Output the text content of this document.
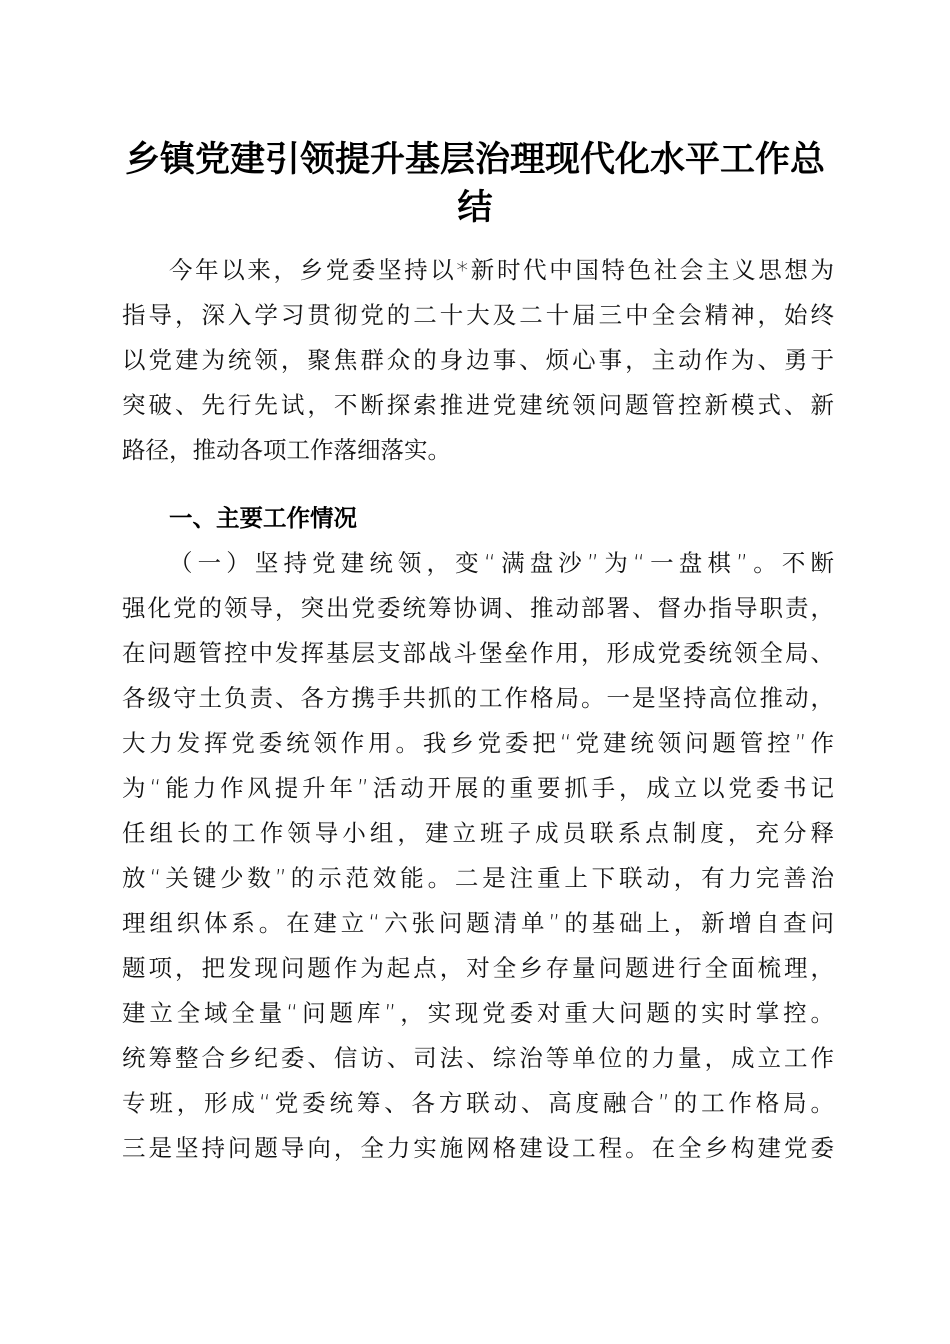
乡镇党建引领提升基层治理现代化水平工作总
结
今年以来，乡党委坚持以*新时代中国特色社会主义思想为
指导，深入学习贯彻党的二十大及二十届三中全会精神，始终
以党建为统领，聚焦群众的身边事、烦心事，主动作为、勇于
突破、先行先试，不断探索推进党建统领问题管控新模式、新
路径，推动各项工作落细落实。
一、主要工作情况
（一）坚持党建统领，变“满盘沙”为“一盘棋”。不断
强化党的领导，突出党委统筹协调、推动部署、督办指导职责，
在问题管控中发挥基层支部战斗堡垒作用，形成党委统领全局、
各级守土负责、各方携手共抓的工作格局。一是坚持高位推动，
大力发挥党委统领作用。我乡党委把“党建统领问题管控”作
为“能力作风提升年”活动开展的重要抓手，成立以党委书记
任组长的工作领导小组，建立班子成员联系点制度，充分释
放“关键少数”的示范效能。二是注重上下联动，有力完善治
理组织体系。在建立“六张问题清单”的基础上，新增自查问
题项，把发现问题作为起点，对全乡存量问题进行全面梳理，
建立全域全量“问题库”，实现党委对重大问题的实时掌控。
统筹整合乡纪委、信访、司法、综治等单位的力量，成立工作
专班，形成“党委统筹、各方联动、高度融合”的工作格局。
三是坚持问题导向，全力实施网格建设工程。在全乡构建党委
